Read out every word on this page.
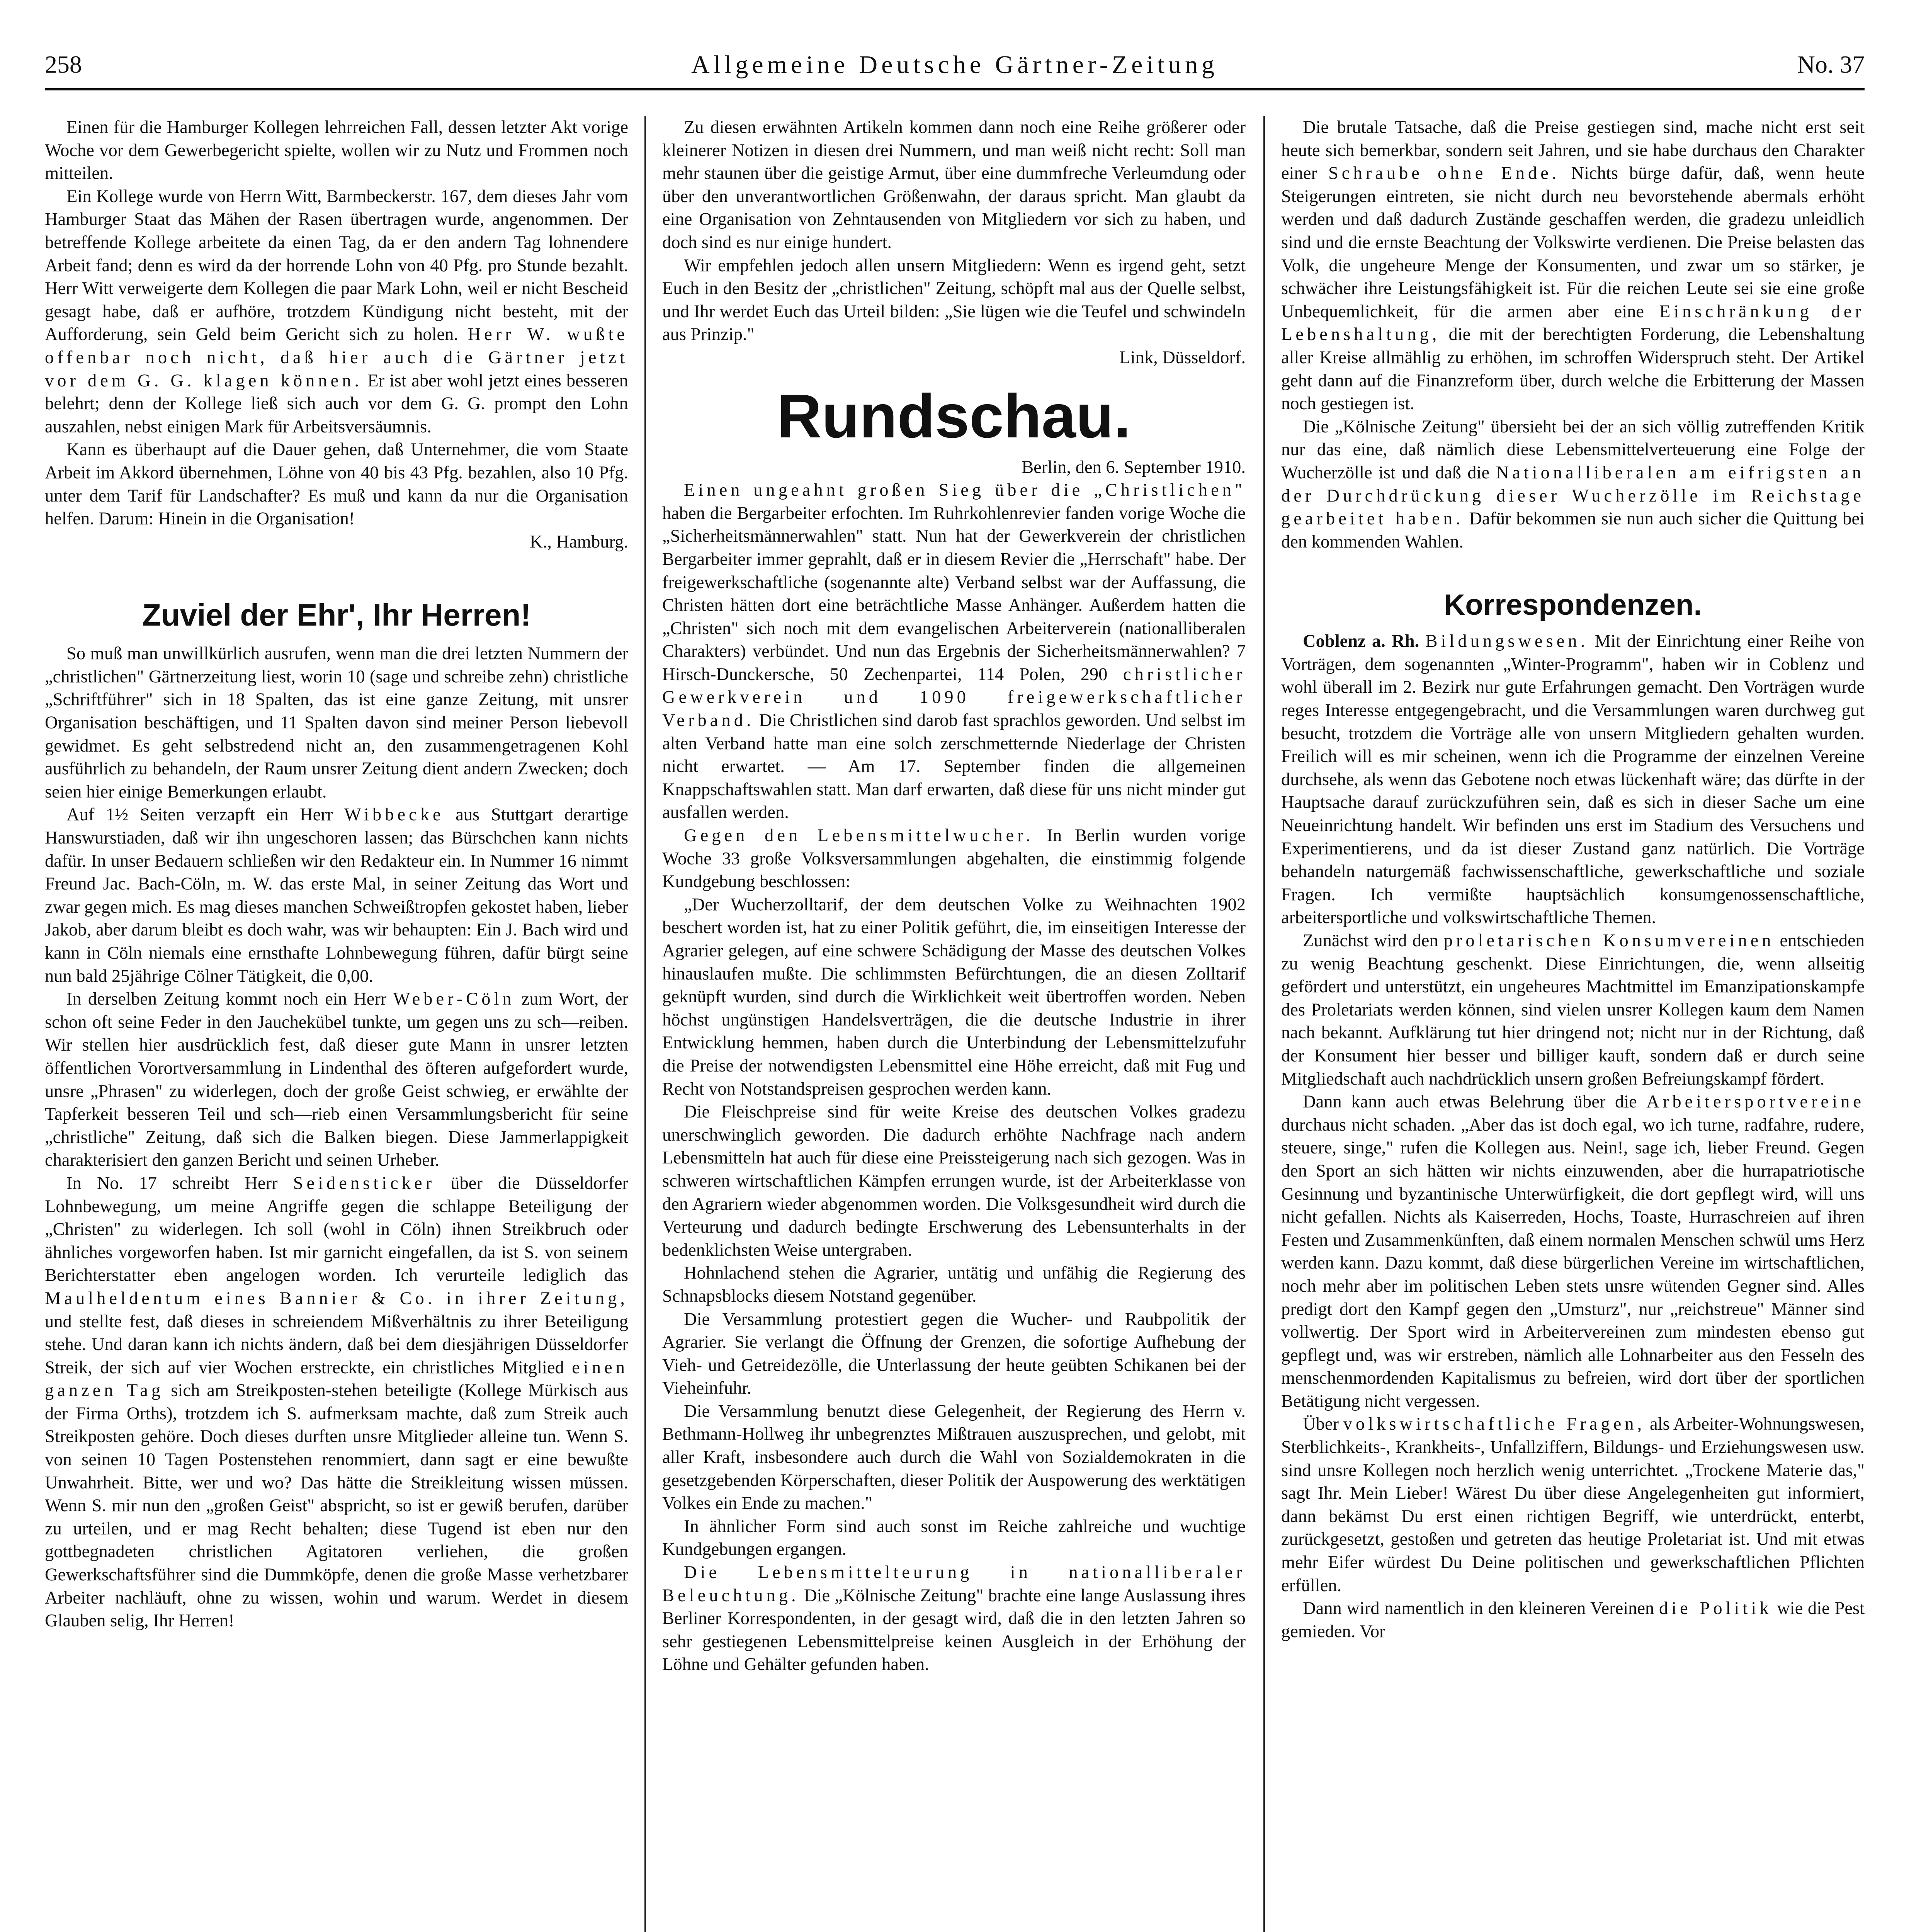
258	Allgemeine Deutsche Gärtner-Zeitung	No. 37

Einen für die Hamburger Kollegen lehrreichen Fall, dessen letzter Akt vorige Woche vor dem Gewerbegericht spielte, wollen wir zu Nutz und Frommen noch mitteilen.

Ein Kollege wurde von Herrn Witt, Barmbeckerstr. 167, dem dieses Jahr vom Hamburger Staat das Mähen der Rasen übertragen wurde, angenommen. Der betreffende Kollege arbeitete da einen Tag, da er den andern Tag lohnendere Arbeit fand; denn es wird da der horrende Lohn von 40 Pfg. pro Stunde bezahlt. Herr Witt verweigerte dem Kollegen die paar Mark Lohn, weil er nicht Bescheid gesagt habe, daß er aufhöre, trotzdem Kündigung nicht besteht, mit der Aufforderung, sein Geld beim Gericht sich zu holen. Herr W. wußte offenbar noch nicht, daß hier auch die Gärtner jetzt vor dem G. G. klagen können. Er ist aber wohl jetzt eines besseren belehrt; denn der Kollege ließ sich auch vor dem G. G. prompt den Lohn auszahlen, nebst einigen Mark für Arbeitsversäumnis.

Kann es überhaupt auf die Dauer gehen, daß Unternehmer, die vom Staate Arbeit im Akkord übernehmen, Löhne von 40 bis 43 Pfg. bezahlen, also 10 Pfg. unter dem Tarif für Landschafter? Es muß und kann da nur die Organisation helfen. Darum: Hinein in die Organisation!

K., Hamburg.

Zuviel der Ehr', Ihr Herren!

So muß man unwillkürlich ausrufen, wenn man die drei letzten Nummern der „christlichen" Gärtnerzeitung liest, worin 10 (sage und schreibe zehn) christliche „Schriftführer" sich in 18 Spalten, das ist eine ganze Zeitung, mit unsrer Organisation beschäftigen, und 11 Spalten davon sind meiner Person liebevoll gewidmet. Es geht selbstredend nicht an, den zusammengetragenen Kohl ausführlich zu behandeln, der Raum unsrer Zeitung dient andern Zwecken; doch seien hier einige Bemerkungen erlaubt.

Auf 1½ Seiten verzapft ein Herr Wibbecke aus Stuttgart derartige Hanswurstiaden, daß wir ihn ungeschoren lassen; das Bürschchen kann nichts dafür. In unser Bedauern schließen wir den Redakteur ein. In Nummer 16 nimmt Freund Jac. Bach-Cöln, m. W. das erste Mal, in seiner Zeitung das Wort und zwar gegen mich. Es mag dieses manchen Schweißtropfen gekostet haben, lieber Jakob, aber darum bleibt es doch wahr, was wir behaupten: Ein J. Bach wird und kann in Cöln niemals eine ernsthafte Lohnbewegung führen, dafür bürgt seine nun bald 25jährige Cölner Tätigkeit, die 0,00.

In derselben Zeitung kommt noch ein Herr Weber-Cöln zum Wort, der schon oft seine Feder in den Jauchekübel tunkte, um gegen uns zu sch—reiben. Wir stellen hier ausdrücklich fest, daß dieser gute Mann in unsrer letzten öffentlichen Vorortversammlung in Lindenthal des öfteren aufgefordert wurde, unsre „Phrasen" zu widerlegen, doch der große Geist schwieg, er erwählte der Tapferkeit besseren Teil und sch—rieb einen Versammlungsbericht für seine „christliche" Zeitung, daß sich die Balken biegen. Diese Jammerlappigkeit charakterisiert den ganzen Bericht und seinen Urheber.

In No. 17 schreibt Herr Seidensticker über die Düsseldorfer Lohnbewegung, um meine Angriffe gegen die schlappe Beteiligung der „Christen" zu widerlegen. Ich soll (wohl in Cöln) ihnen Streikbruch oder ähnliches vorgeworfen haben. Ist mir garnicht eingefallen, da ist S. von seinem Berichterstatter eben angelogen worden. Ich verurteile lediglich das Maulheldentum eines Bannier & Co. in ihrer Zeitung, und stellte fest, daß dieses in schreiendem Mißverhältnis zu ihrer Beteiligung stehe. Und daran kann ich nichts ändern, daß bei dem diesjährigen Düsseldorfer Streik, der sich auf vier Wochen erstreckte, ein christliches Mitglied einen ganzen Tag sich am Streikposten-stehen beteiligte (Kollege Mürkisch aus der Firma Orths), trotzdem ich S. aufmerksam machte, daß zum Streik auch Streikposten gehöre. Doch dieses durften unsre Mitglieder alleine tun. Wenn S. von seinen 10 Tagen Postenstehen renommiert, dann sagt er eine bewußte Unwahrheit. Bitte, wer und wo? Das hätte die Streikleitung wissen müssen. Wenn S. mir nun den „großen Geist" abspricht, so ist er gewiß berufen, darüber zu urteilen, und er mag Recht behalten; diese Tugend ist eben nur den gottbegnadeten christlichen Agitatoren verliehen, die großen Gewerkschaftsführer sind die Dummköpfe, denen die große Masse verhetzbarer Arbeiter nachläuft, ohne zu wissen, wohin und warum. Werdet in diesem Glauben selig, Ihr Herren!

Zu diesen erwähnten Artikeln kommen dann noch eine Reihe größerer oder kleinerer Notizen in diesen drei Nummern, und man weiß nicht recht: Soll man mehr staunen über die geistige Armut, über eine dummfreche Verleumdung oder über den unverantwortlichen Größenwahn, der daraus spricht. Man glaubt da eine Organisation von Zehntausenden von Mitgliedern vor sich zu haben, und doch sind es nur einige hundert.

Wir empfehlen jedoch allen unsern Mitgliedern: Wenn es irgend geht, setzt Euch in den Besitz der „christlichen" Zeitung, schöpft mal aus der Quelle selbst, und Ihr werdet Euch das Urteil bilden: „Sie lügen wie die Teufel und schwindeln aus Prinzip."

Link, Düsseldorf.

Rundschau.

Berlin, den 6. September 1910.

Einen ungeahnt großen Sieg über die „Christlichen" haben die Bergarbeiter erfochten. Im Ruhrkohlenrevier fanden vorige Woche die „Sicherheitsmännerwahlen" statt. Nun hat der Gewerkverein der christlichen Bergarbeiter immer geprahlt, daß er in diesem Revier die „Herrschaft" habe. Der freigewerkschaftliche (sogenannte alte) Verband selbst war der Auffassung, die Christen hätten dort eine beträchtliche Masse Anhänger. Außerdem hatten die „Christen" sich noch mit dem evangelischen Arbeiterverein (nationalliberalen Charakters) verbündet. Und nun das Ergebnis der Sicherheitsmännerwahlen? 7 Hirsch-Dunckersche, 50 Zechenpartei, 114 Polen, 290 christlicher Gewerkverein und 1090 freigewerkschaftlicher Verband. Die Christlichen sind darob fast sprachlos geworden. Und selbst im alten Verband hatte man eine solch zerschmetternde Niederlage der Christen nicht erwartet. — Am 17. September finden die allgemeinen Knappschaftswahlen statt. Man darf erwarten, daß diese für uns nicht minder gut ausfallen werden.

Gegen den Lebensmittelwucher. In Berlin wurden vorige Woche 33 große Volksversammlungen abgehalten, die einstimmig folgende Kundgebung beschlossen:

„Der Wucherzolltarif, der dem deutschen Volke zu Weihnachten 1902 beschert worden ist, hat zu einer Politik geführt, die, im einseitigen Interesse der Agrarier gelegen, auf eine schwere Schädigung der Masse des deutschen Volkes hinauslaufen mußte. Die schlimmsten Befürchtungen, die an diesen Zolltarif geknüpft wurden, sind durch die Wirklichkeit weit übertroffen worden. Neben höchst ungünstigen Handelsverträgen, die die deutsche Industrie in ihrer Entwicklung hemmen, haben durch die Unterbindung der Lebensmittelzufuhr die Preise der notwendigsten Lebensmittel eine Höhe erreicht, daß mit Fug und Recht von Notstandspreisen gesprochen werden kann.

Die Fleischpreise sind für weite Kreise des deutschen Volkes gradezu unerschwinglich geworden. Die dadurch erhöhte Nachfrage nach andern Lebensmitteln hat auch für diese eine Preissteigerung nach sich gezogen. Was in schweren wirtschaftlichen Kämpfen errungen wurde, ist der Arbeiterklasse von den Agrariern wieder abgenommen worden. Die Volksgesundheit wird durch die Verteurung und dadurch bedingte Erschwerung des Lebensunterhalts in der bedenklichsten Weise untergraben.

Hohnlachend stehen die Agrarier, untätig und unfähig die Regierung des Schnapsblocks diesem Notstand gegenüber.

Die Versammlung protestiert gegen die Wucher- und Raubpolitik der Agrarier. Sie verlangt die Öffnung der Grenzen, die sofortige Aufhebung der Vieh- und Getreidezölle, die Unterlassung der heute geübten Schikanen bei der Vieheinfuhr.

Die Versammlung benutzt diese Gelegenheit, der Regierung des Herrn v. Bethmann-Hollweg ihr unbegrenztes Mißtrauen auszusprechen, und gelobt, mit aller Kraft, insbesondere auch durch die Wahl von Sozialdemokraten in die gesetzgebenden Körperschaften, dieser Politik der Auspowerung des werktätigen Volkes ein Ende zu machen."

In ähnlicher Form sind auch sonst im Reiche zahlreiche und wuchtige Kundgebungen ergangen.

Die Lebensmittelteurung in nationalliberaler Beleuchtung. Die „Kölnische Zeitung" brachte eine lange Auslassung ihres Berliner Korrespondenten, in der gesagt wird, daß die in den letzten Jahren so sehr gestiegenen Lebensmittelpreise keinen Ausgleich in der Erhöhung der Löhne und Gehälter gefunden haben.

Die brutale Tatsache, daß die Preise gestiegen sind, mache nicht erst seit heute sich bemerkbar, sondern seit Jahren, und sie habe durchaus den Charakter einer Schraube ohne Ende. Nichts bürge dafür, daß, wenn heute Steigerungen eintreten, sie nicht durch neu bevorstehende abermals erhöht werden und daß dadurch Zustände geschaffen werden, die gradezu unleidlich sind und die ernste Beachtung der Volkswirte verdienen. Die Preise belasten das Volk, die ungeheure Menge der Konsumenten, und zwar um so stärker, je schwächer ihre Leistungsfähigkeit ist. Für die reichen Leute sei sie eine große Unbequemlichkeit, für die armen aber eine Einschränkung der Lebenshaltung, die mit der berechtigten Forderung, die Lebenshaltung aller Kreise allmählig zu erhöhen, im schroffen Widerspruch steht. Der Artikel geht dann auf die Finanzreform über, durch welche die Erbitterung der Massen noch gestiegen ist.

Die „Kölnische Zeitung" übersieht bei der an sich völlig zutreffenden Kritik nur das eine, daß nämlich diese Lebensmittelverteuerung eine Folge der Wucherzölle ist und daß die Nationalliberalen am eifrigsten an der Durchdrückung dieser Wucherzölle im Reichstage gearbeitet haben. Dafür bekommen sie nun auch sicher die Quittung bei den kommenden Wahlen.

Korrespondenzen.

Coblenz a. Rh. Bildungswesen. Mit der Einrichtung einer Reihe von Vorträgen, dem sogenannten „Winter-Programm", haben wir in Coblenz und wohl überall im 2. Bezirk nur gute Erfahrungen gemacht. Den Vorträgen wurde reges Interesse entgegengebracht, und die Versammlungen waren durchweg gut besucht, trotzdem die Vorträge alle von unsern Mitgliedern gehalten wurden. Freilich will es mir scheinen, wenn ich die Programme der einzelnen Vereine durchsehe, als wenn das Gebotene noch etwas lückenhaft wäre; das dürfte in der Hauptsache darauf zurückzuführen sein, daß es sich in dieser Sache um eine Neueinrichtung handelt. Wir befinden uns erst im Stadium des Versuchens und Experimentierens, und da ist dieser Zustand ganz natürlich. Die Vorträge behandeln naturgemäß fachwissenschaftliche, gewerkschaftliche und soziale Fragen. Ich vermißte hauptsächlich konsumgenossenschaftliche, arbeitersportliche und volkswirtschaftliche Themen.

Zunächst wird den proletarischen Konsumvereinen entschieden zu wenig Beachtung geschenkt. Diese Einrichtungen, die, wenn allseitig gefördert und unterstützt, ein ungeheures Machtmittel im Emanzipationskampfe des Proletariats werden können, sind vielen unsrer Kollegen kaum dem Namen nach bekannt. Aufklärung tut hier dringend not; nicht nur in der Richtung, daß der Konsument hier besser und billiger kauft, sondern daß er durch seine Mitgliedschaft auch nachdrücklich unsern großen Befreiungskampf fördert.

Dann kann auch etwas Belehrung über die Arbeitersportvereine durchaus nicht schaden. „Aber das ist doch egal, wo ich turne, radfahre, rudere, steuere, singe," rufen die Kollegen aus. Nein!, sage ich, lieber Freund. Gegen den Sport an sich hätten wir nichts einzuwenden, aber die hurrapatriotische Gesinnung und byzantinische Unterwürfigkeit, die dort gepflegt wird, will uns nicht gefallen. Nichts als Kaiserreden, Hochs, Toaste, Hurraschreien auf ihren Festen und Zusammenkünften, daß einem normalen Menschen schwül ums Herz werden kann. Dazu kommt, daß diese bürgerlichen Vereine im wirtschaftlichen, noch mehr aber im politischen Leben stets unsre wütenden Gegner sind. Alles predigt dort den Kampf gegen den „Umsturz", nur „reichstreue" Männer sind vollwertig. Der Sport wird in Arbeitervereinen zum mindesten ebenso gut gepflegt und, was wir erstreben, nämlich alle Lohnarbeiter aus den Fesseln des menschenmordenden Kapitalismus zu befreien, wird dort über der sportlichen Betätigung nicht vergessen.

Über volkswirtschaftliche Fragen, als Arbeiter-Wohnungswesen, Sterblichkeits-, Krankheits-, Unfallziffern, Bildungs- und Erziehungswesen usw. sind unsre Kollegen noch herzlich wenig unterrichtet. „Trockene Materie das," sagt Ihr. Mein Lieber! Wärest Du über diese Angelegenheiten gut informiert, dann bekämst Du erst einen richtigen Begriff, wie unterdrückt, enterbt, zurückgesetzt, gestoßen und getreten das heutige Proletariat ist. Und mit etwas mehr Eifer würdest Du Deine politischen und gewerkschaftlichen Pflichten erfüllen.

Dann wird namentlich in den kleineren Vereinen die Politik wie die Pest gemieden. Vor
